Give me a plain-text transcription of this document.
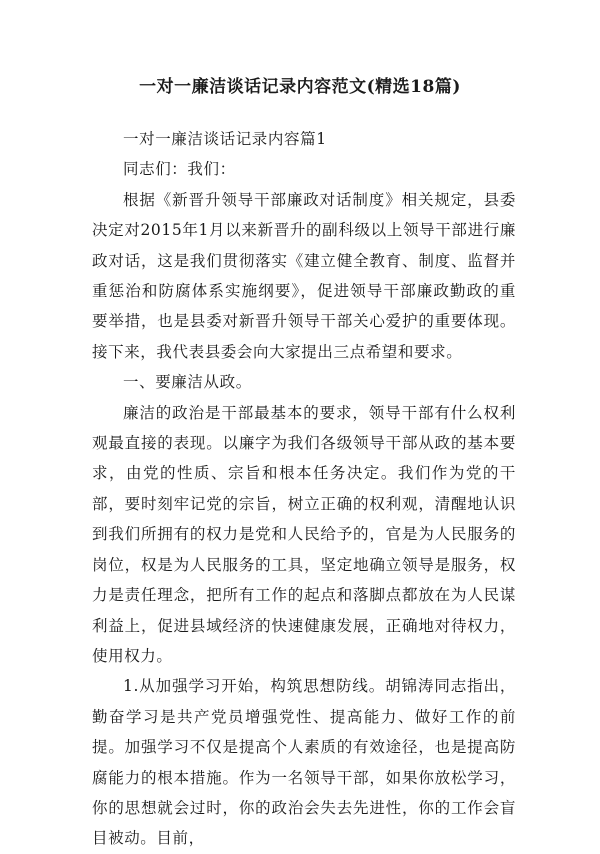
一对一廉洁谈话记录内容范文(精选18篇)

一对一廉洁谈话记录内容篇1

同志们：我们：

根据《新晋升领导干部廉政对话制度》相关规定，县委决定对2015年1月以来新晋升的副科级以上领导干部进行廉政对话，这是我们贯彻落实《建立健全教育、制度、监督并重惩治和防腐体系实施纲要》，促进领导干部廉政勤政的重要举措，也是县委对新晋升领导干部关心爱护的重要体现。接下来，我代表县委会向大家提出三点希望和要求。

一、要廉洁从政。

廉洁的政治是干部最基本的要求，领导干部有什么权利观最直接的表现。以廉字为我们各级领导干部从政的基本要求，由党的性质、宗旨和根本任务决定。我们作为党的干部，要时刻牢记党的宗旨，树立正确的权利观，清醒地认识到我们所拥有的权力是党和人民给予的，官是为人民服务的岗位，权是为人民服务的工具，坚定地确立领导是服务，权力是责任理念，把所有工作的起点和落脚点都放在为人民谋利益上，促进县域经济的快速健康发展，正确地对待权力，使用权力。

1.从加强学习开始，构筑思想防线。胡锦涛同志指出，勤奋学习是共产党员增强党性、提高能力、做好工作的前提。加强学习不仅是提高个人素质的有效途径，也是提高防腐能力的根本措施。作为一名领导干部，如果你放松学习，你的思想就会过时，你的政治会失去先进性，你的工作会盲目被动。目前，
